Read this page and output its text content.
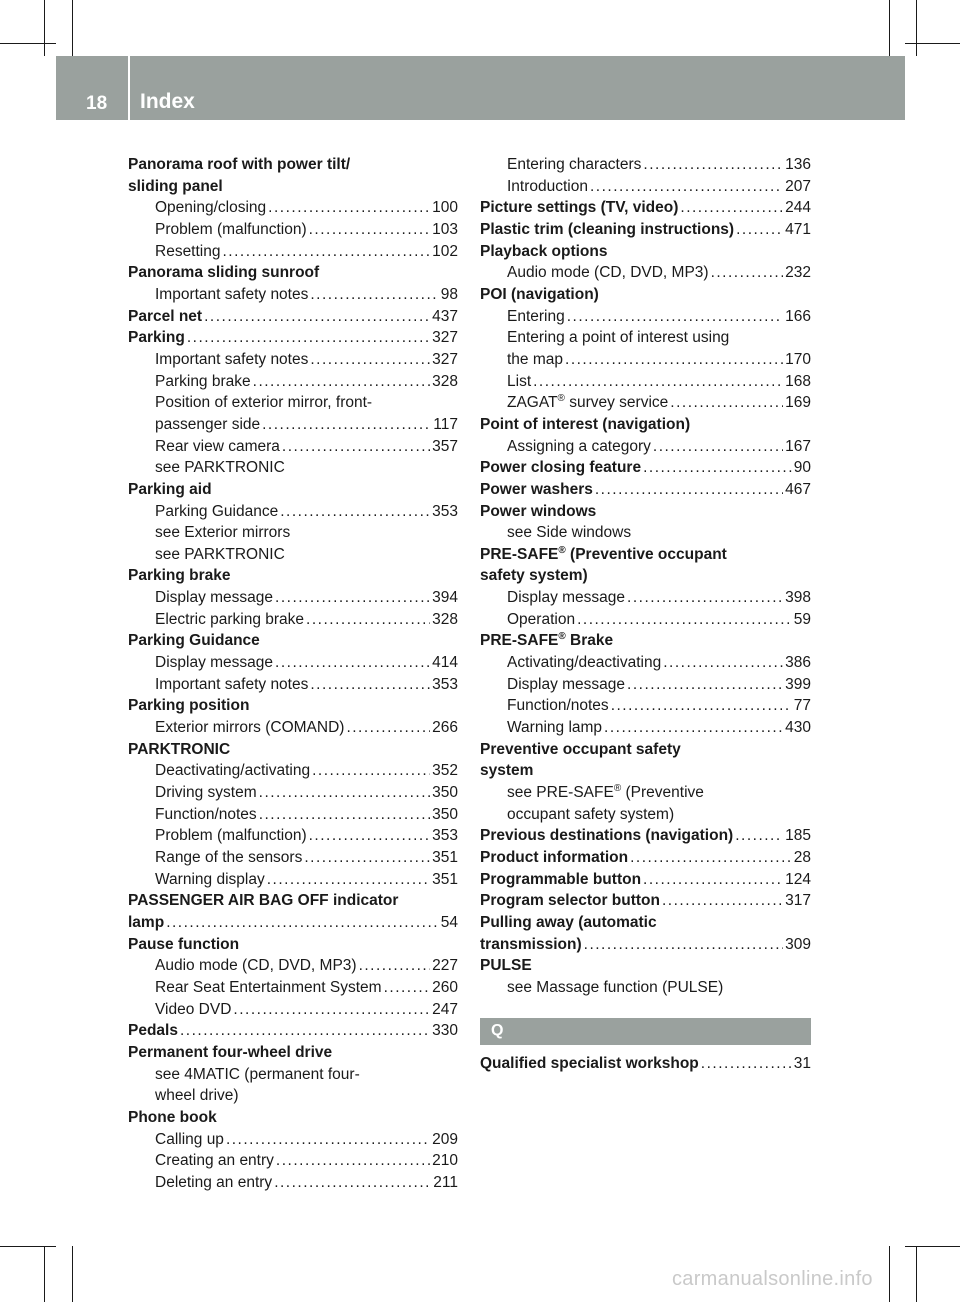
18 Index
Panorama roof with power tilt/
sliding panel
Opening/closing .....	100
Problem (malfunction) .....	103
Resetting .....	102
Panorama sliding sunroof
Important safety notes .....	98
Parcel net .....	437
Parking .....	327
Important safety notes .....	327
Parking brake .....	328
Position of exterior mirror, front-
passenger side .....	117
Rear view camera .....	357
see PARKTRONIC
Parking aid
Parking Guidance .....	353
see Exterior mirrors
see PARKTRONIC
Parking brake
Display message .....	394
Electric parking brake .....	328
Parking Guidance
Display message .....	414
Important safety notes .....	353
Parking position
Exterior mirrors (COMAND) .....	266
PARKTRONIC
Deactivating/activating .....	352
Driving system .....	350
Function/notes .....	350
Problem (malfunction) .....	353
Range of the sensors .....	351
Warning display .....	351
PASSENGER AIR BAG OFF indicator
lamp .....	54
Pause function
Audio mode (CD, DVD, MP3) .....	227
Rear Seat Entertainment System .....	260
Video DVD .....	247
Pedals .....	330
Permanent four-wheel drive
see 4MATIC (permanent four-
wheel drive)
Phone book
Calling up .....	209
Creating an entry .....	210
Deleting an entry .....	211
Entering characters .....	136
Introduction .....	207
Picture settings (TV, video) .....	244
Plastic trim (cleaning instructions) .....	471
Playback options
Audio mode (CD, DVD, MP3) .....	232
POI (navigation)
Entering .....	166
Entering a point of interest using
the map .....	170
List .....	168
ZAGAT® survey service .....	169
Point of interest (navigation)
Assigning a category .....	167
Power closing feature .....	90
Power washers .....	467
Power windows
see Side windows
PRE-SAFE® (Preventive occupant
safety system)
Display message .....	398
Operation .....	59
PRE-SAFE® Brake
Activating/deactivating .....	386
Display message .....	399
Function/notes .....	77
Warning lamp .....	430
Preventive occupant safety
system
see PRE-SAFE® (Preventive
occupant safety system)
Previous destinations (navigation) .....	185
Product information .....	28
Programmable button .....	124
Program selector button .....	317
Pulling away (automatic
transmission) .....	309
PULSE
see Massage function (PULSE)
Q
Qualified specialist workshop .....	31
carmanualsonline.info
